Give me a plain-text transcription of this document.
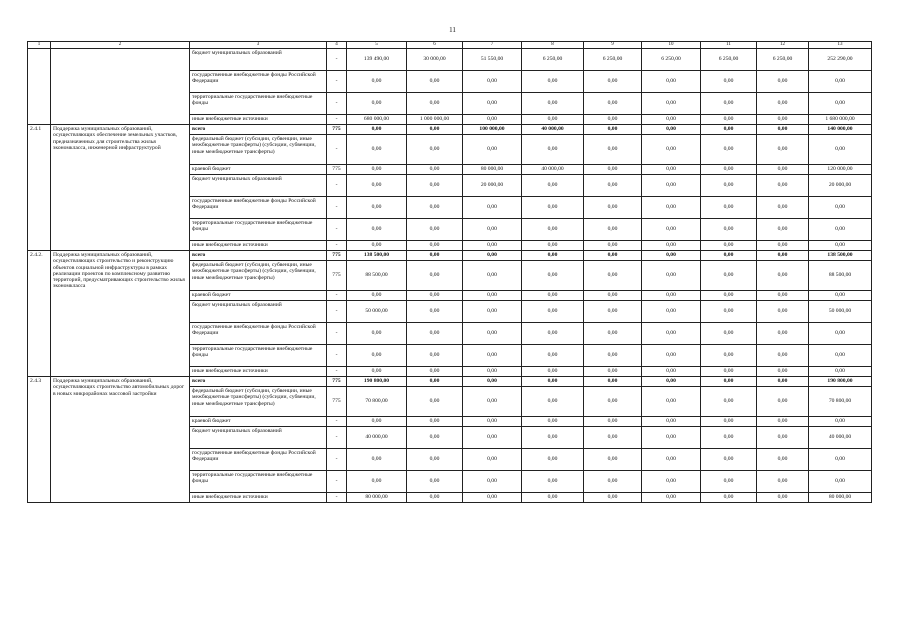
11
1	2	3	4	5	6	7	8	9	10	11	12	13
		бюджет муниципальных образований	-	139 490,00	30 000,00	51 550,00	6 250,00	6 250,00	6 250,00	6 250,00	6 250,00	252 290,00
		государственные внебюджетные фонды Российской Федерации	-	0,00	0,00	0,00	0,00	0,00	0,00	0,00	0,00	0,00
		территориальные государственные внебюджетные фонды	-	0,00	0,00	0,00	0,00	0,00	0,00	0,00	0,00	0,00
		иные внебюджетные источники	-	680 000,00	1 000 000,00	0,00	0,00	0,00	0,00	0,00	0,00	1 680 000,00
2.4.1	Поддержка муниципальных образований, осуществляющих обеспечение земельных участков, предназначенных для строительства жилья экономкласса, инженерной инфраструктурой	всего	775	0,00	0,00	100 000,00	40 000,00	0,00	0,00	0,00	0,00	140 000,00
		федеральный бюджет (субсидии, субвенции, иные межбюджетные трансферты) (субсидии, субвенции, иные межбюджетные трансферты)	-	0,00	0,00	0,00	0,00	0,00	0,00	0,00	0,00	0,00
		краевой бюджет	775	0,00	0,00	80 000,00	40 000,00	0,00	0,00	0,00	0,00	120 000,00
		бюджет муниципальных образований	-	0,00	0,00	20 000,00	0,00	0,00	0,00	0,00	0,00	20 000,00
		государственные внебюджетные фонды Российской Федерации	-	0,00	0,00	0,00	0,00	0,00	0,00	0,00	0,00	0,00
		территориальные государственные внебюджетные фонды	-	0,00	0,00	0,00	0,00	0,00	0,00	0,00	0,00	0,00
		иные внебюджетные источники	-	0,00	0,00	0,00	0,00	0,00	0,00	0,00	0,00	0,00
2.4.2.	Поддержка муниципальных образований, осуществляющих строительство и реконструкцию объектов социальной инфраструктуры в рамках реализации проектов по комплексному развитию территорий, предусматривающих строительство жилья экономкласса	всего	775	138 500,00	0,00	0,00	0,00	0,00	0,00	0,00	0,00	138 500,00
		федеральный бюджет (субсидии, субвенции, иные межбюджетные трансферты) (субсидии, субвенции, иные межбюджетные трансферты)	775	88 500,00	0,00	0,00	0,00	0,00	0,00	0,00	0,00	88 500,00
		краевой бюджет	-	0,00	0,00	0,00	0,00	0,00	0,00	0,00	0,00	0,00
		бюджет муниципальных образований	-	50 000,00	0,00	0,00	0,00	0,00	0,00	0,00	0,00	50 000,00
		государственные внебюджетные фонды Российской Федерации	-	0,00	0,00	0,00	0,00	0,00	0,00	0,00	0,00	0,00
		территориальные государственные внебюджетные фонды	-	0,00	0,00	0,00	0,00	0,00	0,00	0,00	0,00	0,00
		иные внебюджетные источники	-	0,00	0,00	0,00	0,00	0,00	0,00	0,00	0,00	0,00
2.4.3	Поддержка муниципальных образований, осуществляющих строительство автомобильных дорог в новых микрорайонах массовой застройки	всего	775	190 800,00	0,00	0,00	0,00	0,00	0,00	0,00	0,00	190 800,00
		федеральный бюджет (субсидии, субвенции, иные межбюджетные трансферты) (субсидии, субвенции, иные межбюджетные трансферты)	775	70 800,00	0,00	0,00	0,00	0,00	0,00	0,00	0,00	70 800,00
		краевой бюджет	-	0,00	0,00	0,00	0,00	0,00	0,00	0,00	0,00	0,00
		бюджет муниципальных образований	-	40 000,00	0,00	0,00	0,00	0,00	0,00	0,00	0,00	40 000,00
		государственные внебюджетные фонды Российской Федерации	-	0,00	0,00	0,00	0,00	0,00	0,00	0,00	0,00	0,00
		территориальные государственные внебюджетные фонды	-	0,00	0,00	0,00	0,00	0,00	0,00	0,00	0,00	0,00
		иные внебюджетные источники	-	80 000,00	0,00	0,00	0,00	0,00	0,00	0,00	0,00	80 000,00
